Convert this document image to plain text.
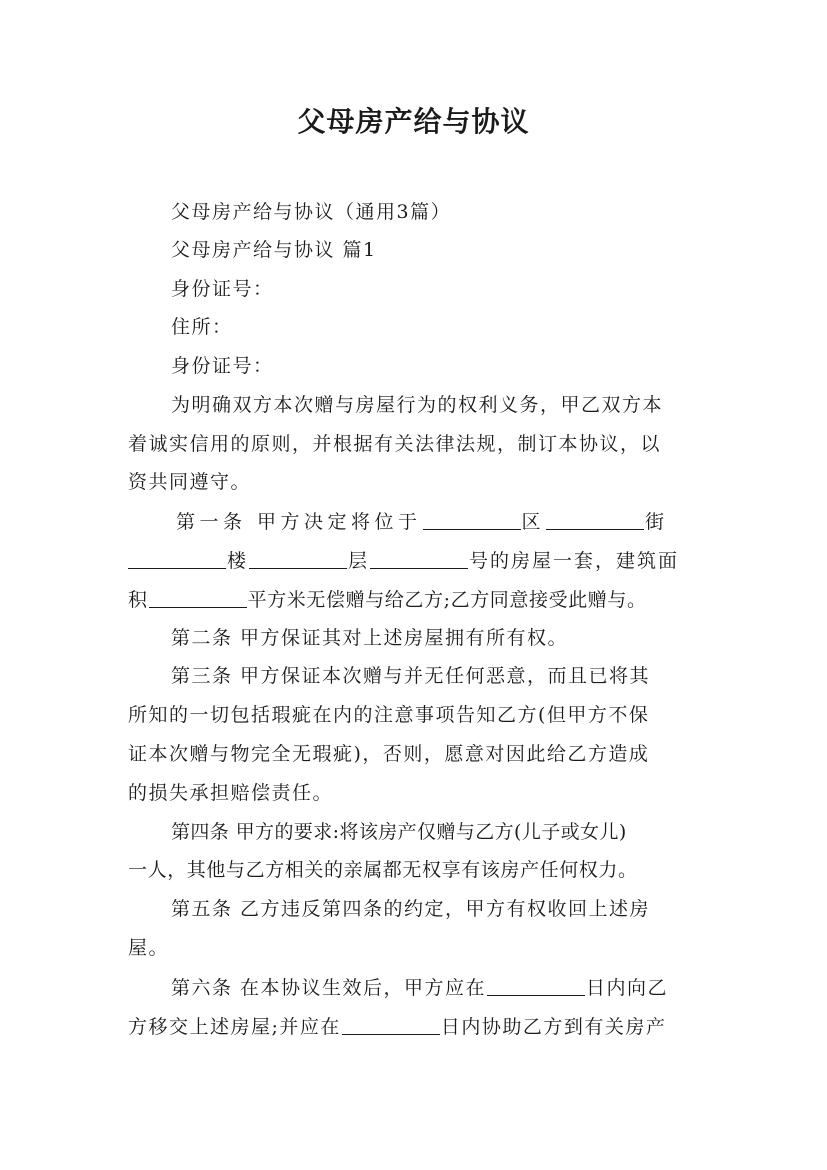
父母房产给与协议
父母房产给与协议（通用3篇）
父母房产给与协议 篇1
身份证号：
住所：
身份证号：
为明确双方本次赠与房屋行为的权利义务，甲乙双方本
着诚实信用的原则，并根据有关法律法规，制订本协议，以
资共同遵守。
第一条 甲方决定将位于	区	街
楼	层	号的房屋一套，建筑面
积	平方米无偿赠与给乙方;乙方同意接受此赠与。
第二条 甲方保证其对上述房屋拥有所有权。
第三条 甲方保证本次赠与并无任何恶意，而且已将其
所知的一切包括瑕疵在内的注意事项告知乙方(但甲方不保
证本次赠与物完全无瑕疵)，否则，愿意对因此给乙方造成
的损失承担赔偿责任。
第四条 甲方的要求:将该房产仅赠与乙方(儿子或女儿)
一人，其他与乙方相关的亲属都无权享有该房产任何权力。
第五条 乙方违反第四条的约定，甲方有权收回上述房
屋。
第六条 在本协议生效后，甲方应在	日内向乙
方移交上述房屋;并应在	日内协助乙方到有关房产
